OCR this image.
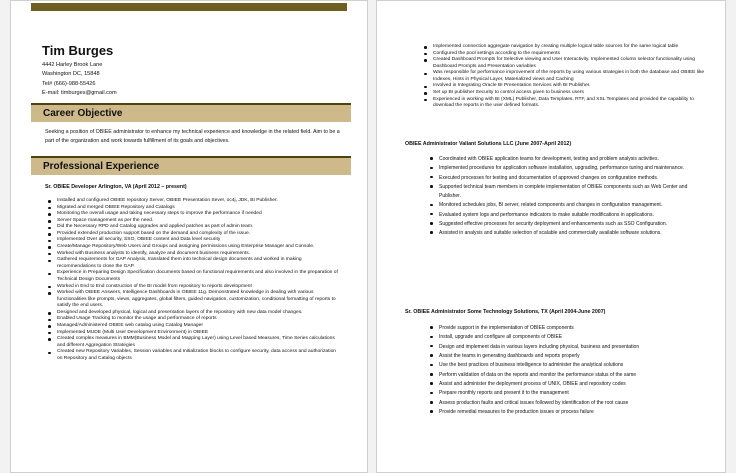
Tim Burges
4442 Harley Brook Lane
Washington DC, 15848
Tel# (666)-988-55426
E-mail: timburges@gmail.com
Career Objective

Seeking a position of OBIEE administrator to enhance my technical experience and knowledge in the related field. Aim to be a part of the organization and work towards fulfillment of its goals and objectives.

Professional Experience

Sr. OBIEE Developer Arlington, VA (April 2012 – present)

Installed and configured OBIEE repository Server, OBIEE Presentation Sever, oc4j, JDK, BI Publisher.
Migrated and merged OBIEE Repository and Catalogs
Monitoring the overall usage and taking necessary steps to improve the performance if needed
Server Space management as per the need.
Did the Necessary RPD and Catalog upgrades and applied patches as part of admin team.
Provided extended production support based on the demand and complexity of the issue.
Implemented Over all security, SSO, OBIEE content and Data level security
Create/Manage Repository/Web Users and Groups and assigning permissions using Enterprise Manager and Console.
Worked with Business analysts to identify, analyze and document business requirements.
Gathered requirements for GAP Analysis, translated them into technical design documents and worked in making recommendations to close the GAP.
Experience in Preparing Design Specification documents based on functional requirements and also involved in the preparation of Technical Design Documents
Worked in End to End construction of the BI model from repository to reports development
Worked with OBIEE Answers, Intelligence Dashboards in OBIEE 11g. Demonstrated knowledge in dealing with various functionalities like prompts, views, aggregates, global filters, guided navigation, customization, conditional formatting of reports to satisfy the end users.
Designed and developed physical, logical and presentation layers of the repository with new data model changes.
Enabled Usage Tracking to monitor the usage and performance of reports
Managed/Administered OBIEE web catalog using Catalog Manager
Implemented MUDE (Multi User Development Environment) in OBIEE
Created complex measures in BMM(Business Model and Mapping Layer) using Level based Measures, Time Series calculations and different Aggregation Strategies
Created new Repository Variables, Session variables and Initialization blocks to configure security, data access and authorization on Repository and Catalog objects
Implemented connection aggregate navigation by creating multiple logical table sources for the same logical table
Configured the pool settings according to the requirements
Created Dashboard Prompts for Selective viewing and User Interactivity. Implemented column selector functionality using Dashboard Prompts and Presentation variables
Was responsible for performance improvement of the reports by using various strategies in both the database and OBIEE like Indexes, Hints in Physical Layer, Materialized views and Caching
Involved in Integrating Oracle BI Presentation Services with BI Publisher.
Set up BI publisher Security to control access given to business users
Experienced in working with BI (XML) Publisher, Data Templates, RTF, and XSL Templates and provided the capability to download the reports in the user defined formats.

OBIEE Administrator Valiant Solutions LLC (June 2007-April 2012)

Coordinated with OBIEE application teams for development, testing and problem analysis activities.
Implemented procedures for application software installation, upgrading, performance tuning and maintenance.
Executed processes for testing and documentation of approved changes on configuration methods.
Supported technical team members in complete implementation of OBIEE components such as Web Center and Publisher.
Monitored schedules jobs, BI server, related components and changes in configuration management.
Evaluated system logs and performance indicators to make suitable modifications in applications.
Suggested effective processes for security deployment and enhancements such as SSO Configuration.
Assisted in analysis and suitable selection of scalable and commercially available software solutions.

Sr. OBIEE Administrator Some Technology Solutions, TX (April 2004-June 2007)

Provide support in the implementation of OBIEE components
Install, upgrade and configure all components of OBIEE
Design and implement data in various layers including physical, business and presentation
Assist the teams in generating dashboards and reports properly
Use the best practices of business intelligence to administer the analytical solutions
Perform validation of data on the reports and monitor the performance status of the same
Assist and administer the deployment process of UNIX, OBIEE and repository codes
Prepare monthly reports and present it to the management
Assess production faults and critical issues followed by identification of the root cause
Provide remedial measures to the production issues or process failure
